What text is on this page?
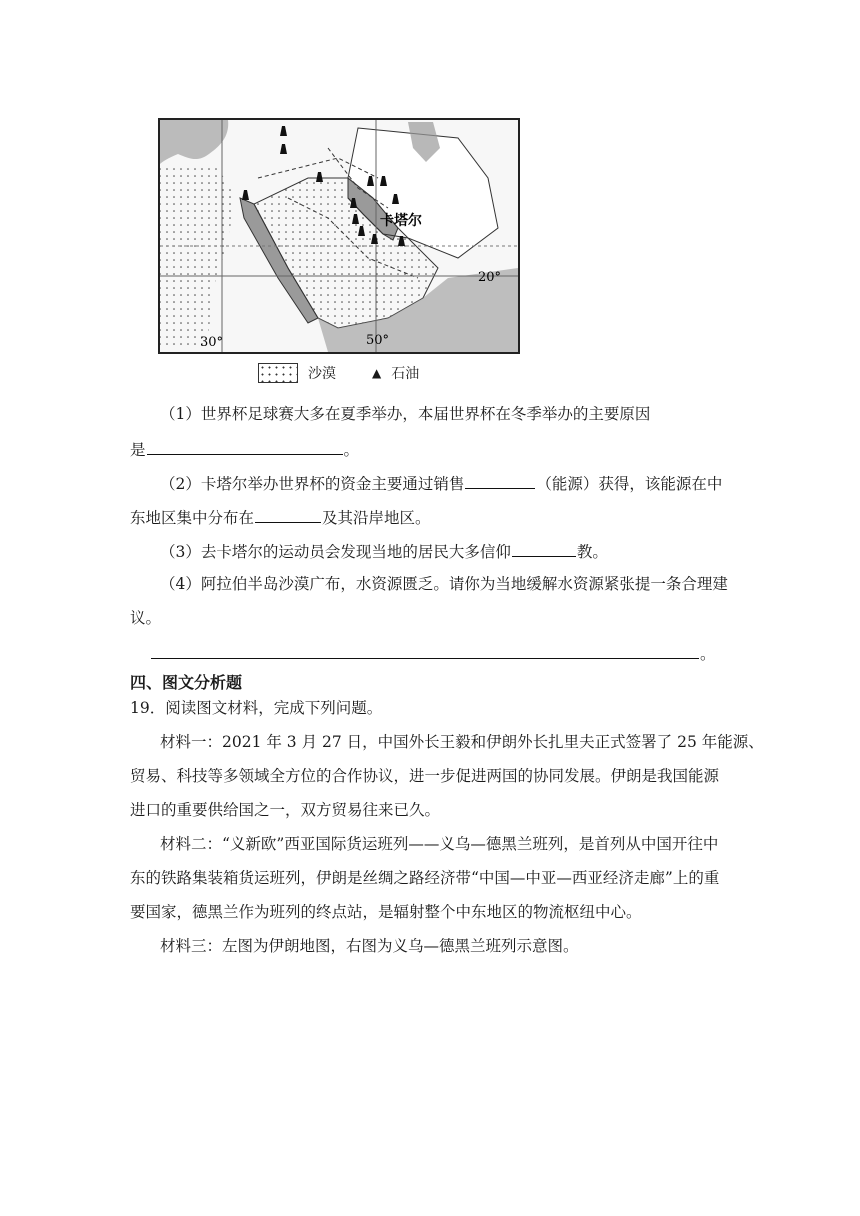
卡塔尔
20°
30°	50°
沙漠	▲ 石油
（1）世界杯足球赛大多在夏季举办，本届世界杯在冬季举办的主要原因
是	。
（2）卡塔尔举办世界杯的资金主要通过销售	（能源）获得，该能源在中
东地区集中分布在	及其沿岸地区。
（3）去卡塔尔的运动员会发现当地的居民大多信仰	教。
（4）阿拉伯半岛沙漠广布，水资源匮乏。请你为当地缓解水资源紧张提一条合理建
议。
。
四、图文分析题
19．阅读图文材料，完成下列问题。
材料一：2021 年 3 月 27 日，中国外长王毅和伊朗外长扎里夫正式签署了 25 年能源、
贸易、科技等多领域全方位的合作协议，进一步促进两国的协同发展。伊朗是我国能源
进口的重要供给国之一，双方贸易往来已久。
材料二：“义新欧”西亚国际货运班列——义乌—德黑兰班列，是首列从中国开往中
东的铁路集装箱货运班列，伊朗是丝绸之路经济带“中国—中亚—西亚经济走廊”上的重
要国家，德黑兰作为班列的终点站，是辐射整个中东地区的物流枢纽中心。
材料三：左图为伊朗地图，右图为义乌—德黑兰班列示意图。
